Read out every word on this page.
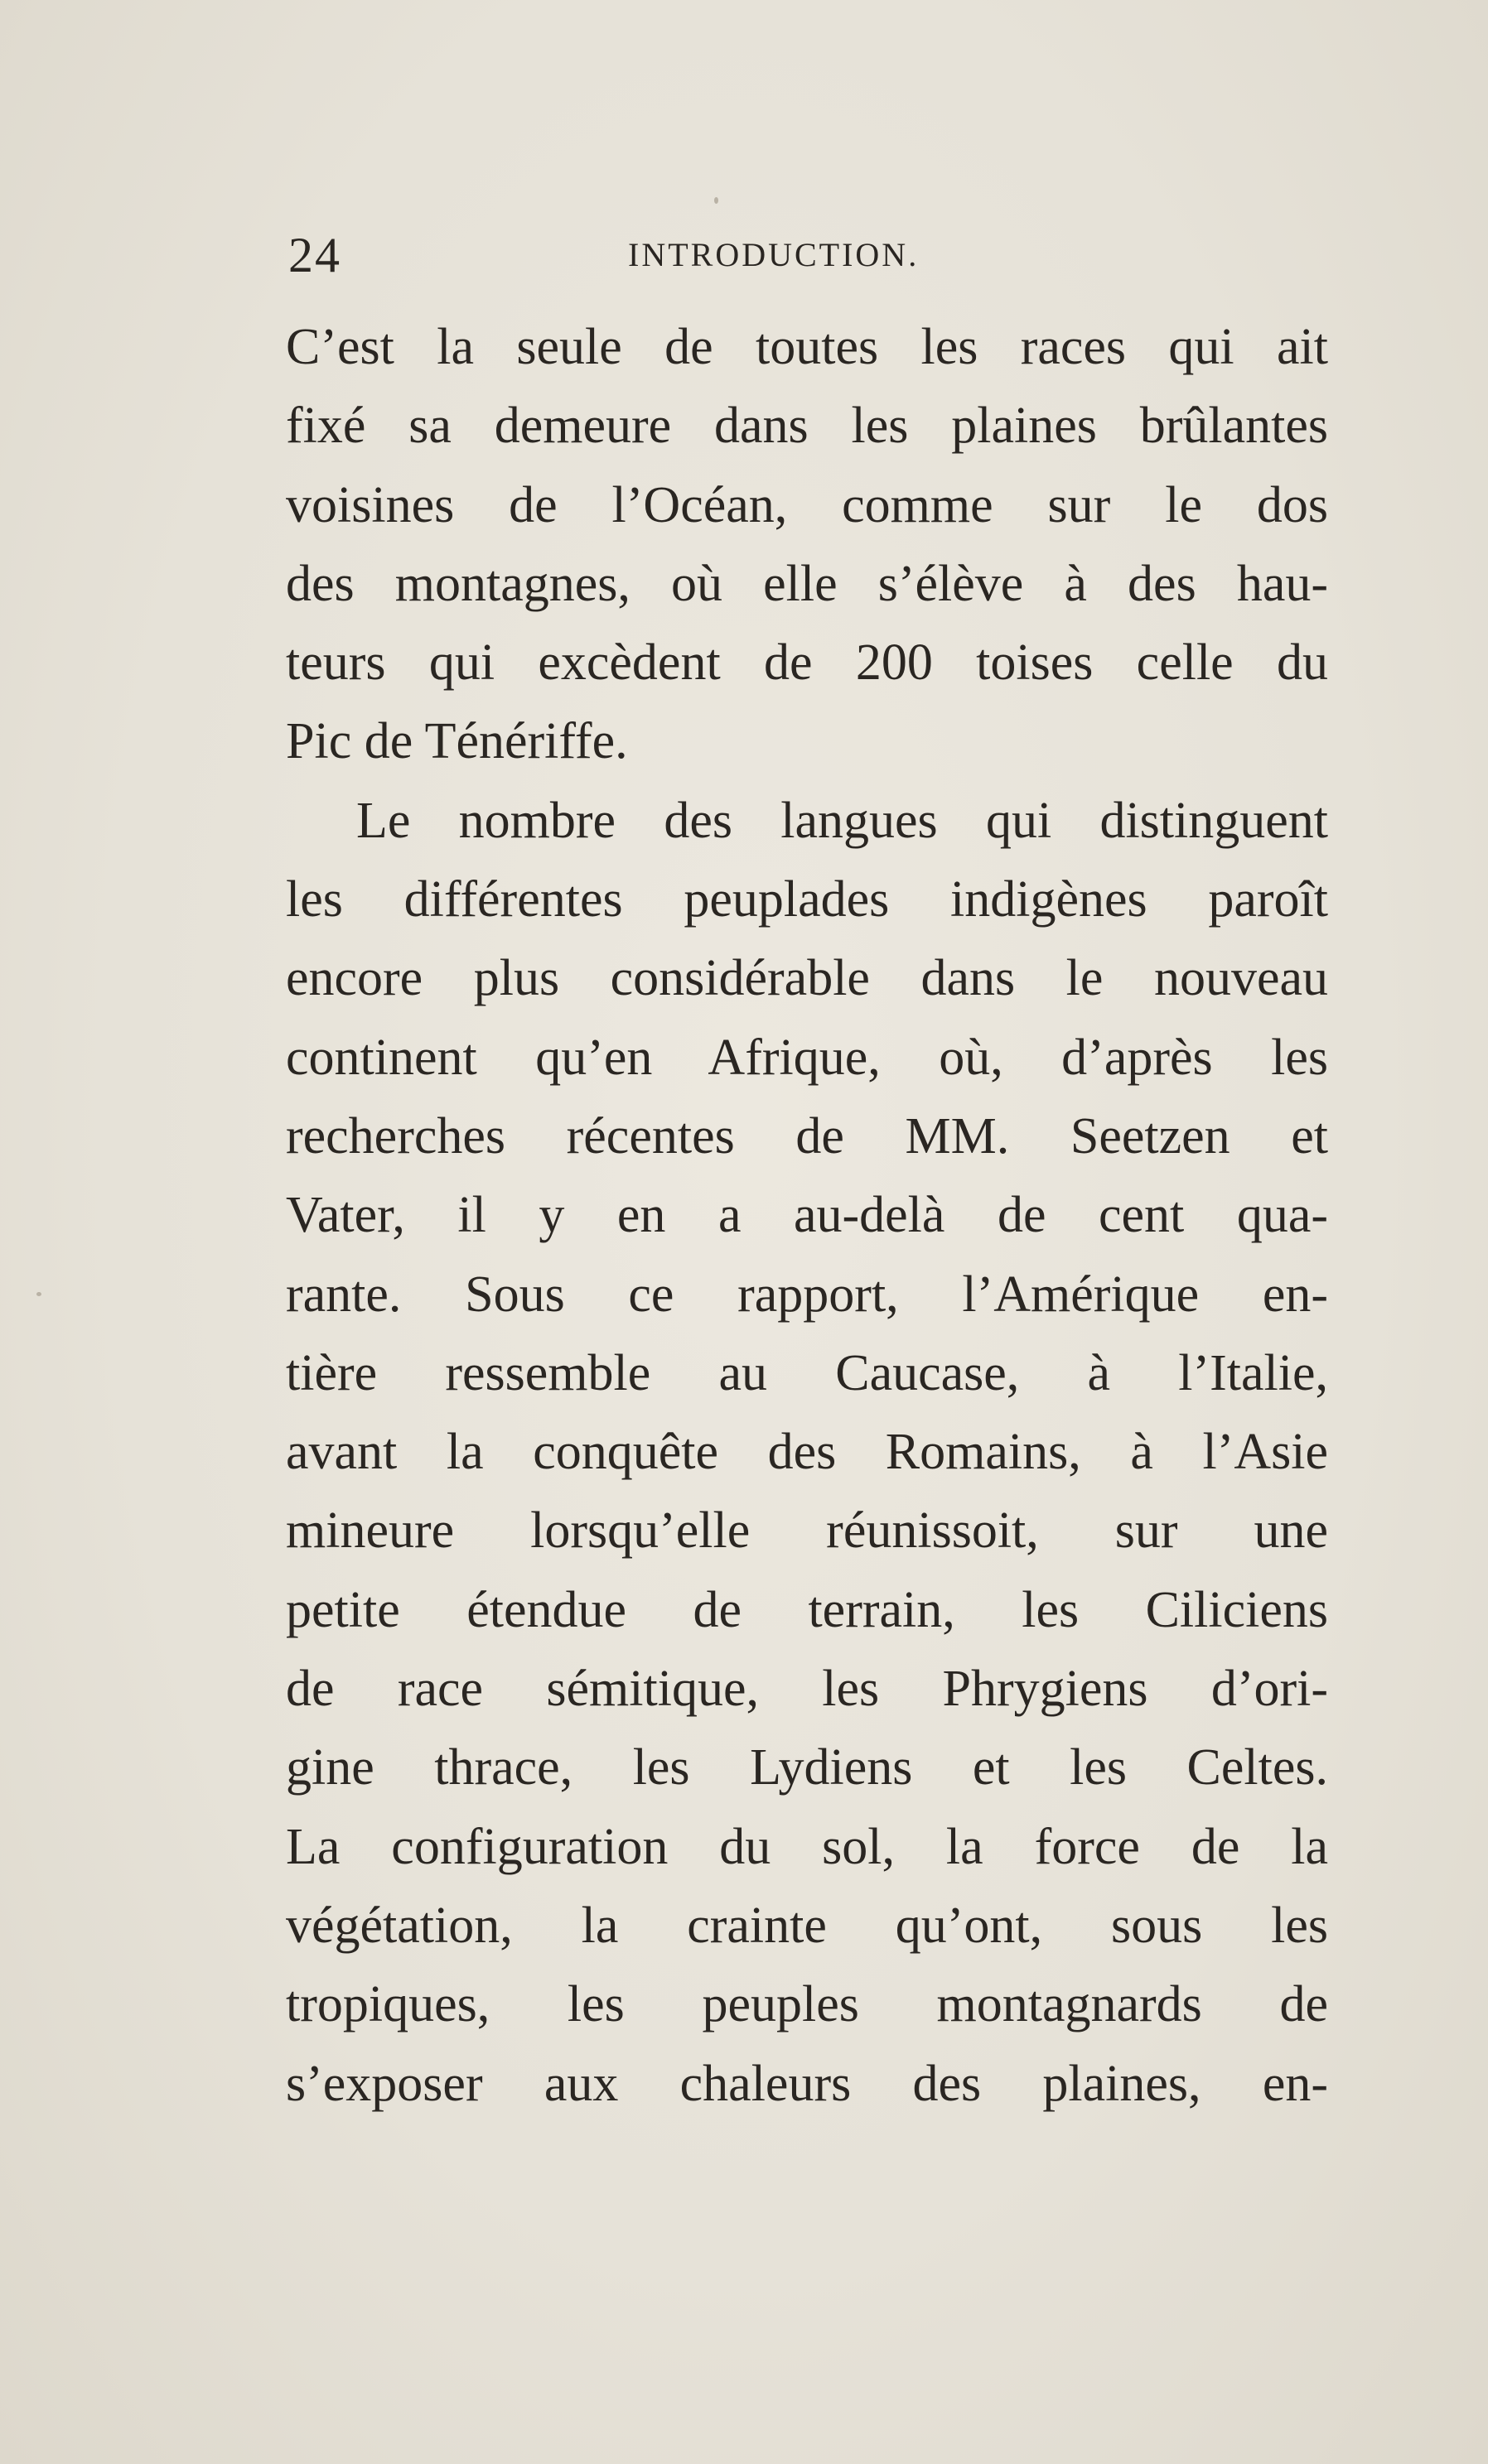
24	INTRODUCTION.
C’est la seule de toutes les races qui ait
fixé sa demeure dans les plaines brûlantes
voisines de l’Océan, comme sur le dos
des montagnes, où elle s’élève à des hau-
teurs qui excèdent de 200 toises celle du
Pic de Ténériffe.
Le nombre des langues qui distinguent
les différentes peuplades indigènes paroît
encore plus considérable dans le nouveau
continent qu’en Afrique, où, d’après les
recherches récentes de MM. Seetzen et
Vater, il y en a au-delà de cent qua-
rante. Sous ce rapport, l’Amérique en-
tière ressemble au Caucase, à l’Italie,
avant la conquête des Romains, à l’Asie
mineure lorsqu’elle réunissoit, sur une
petite étendue de terrain, les Ciliciens
de race sémitique, les Phrygiens d’ori-
gine thrace, les Lydiens et les Celtes.
La configuration du sol, la force de la
végétation, la crainte qu’ont, sous les
tropiques, les peuples montagnards de
s’exposer aux chaleurs des plaines, en-
